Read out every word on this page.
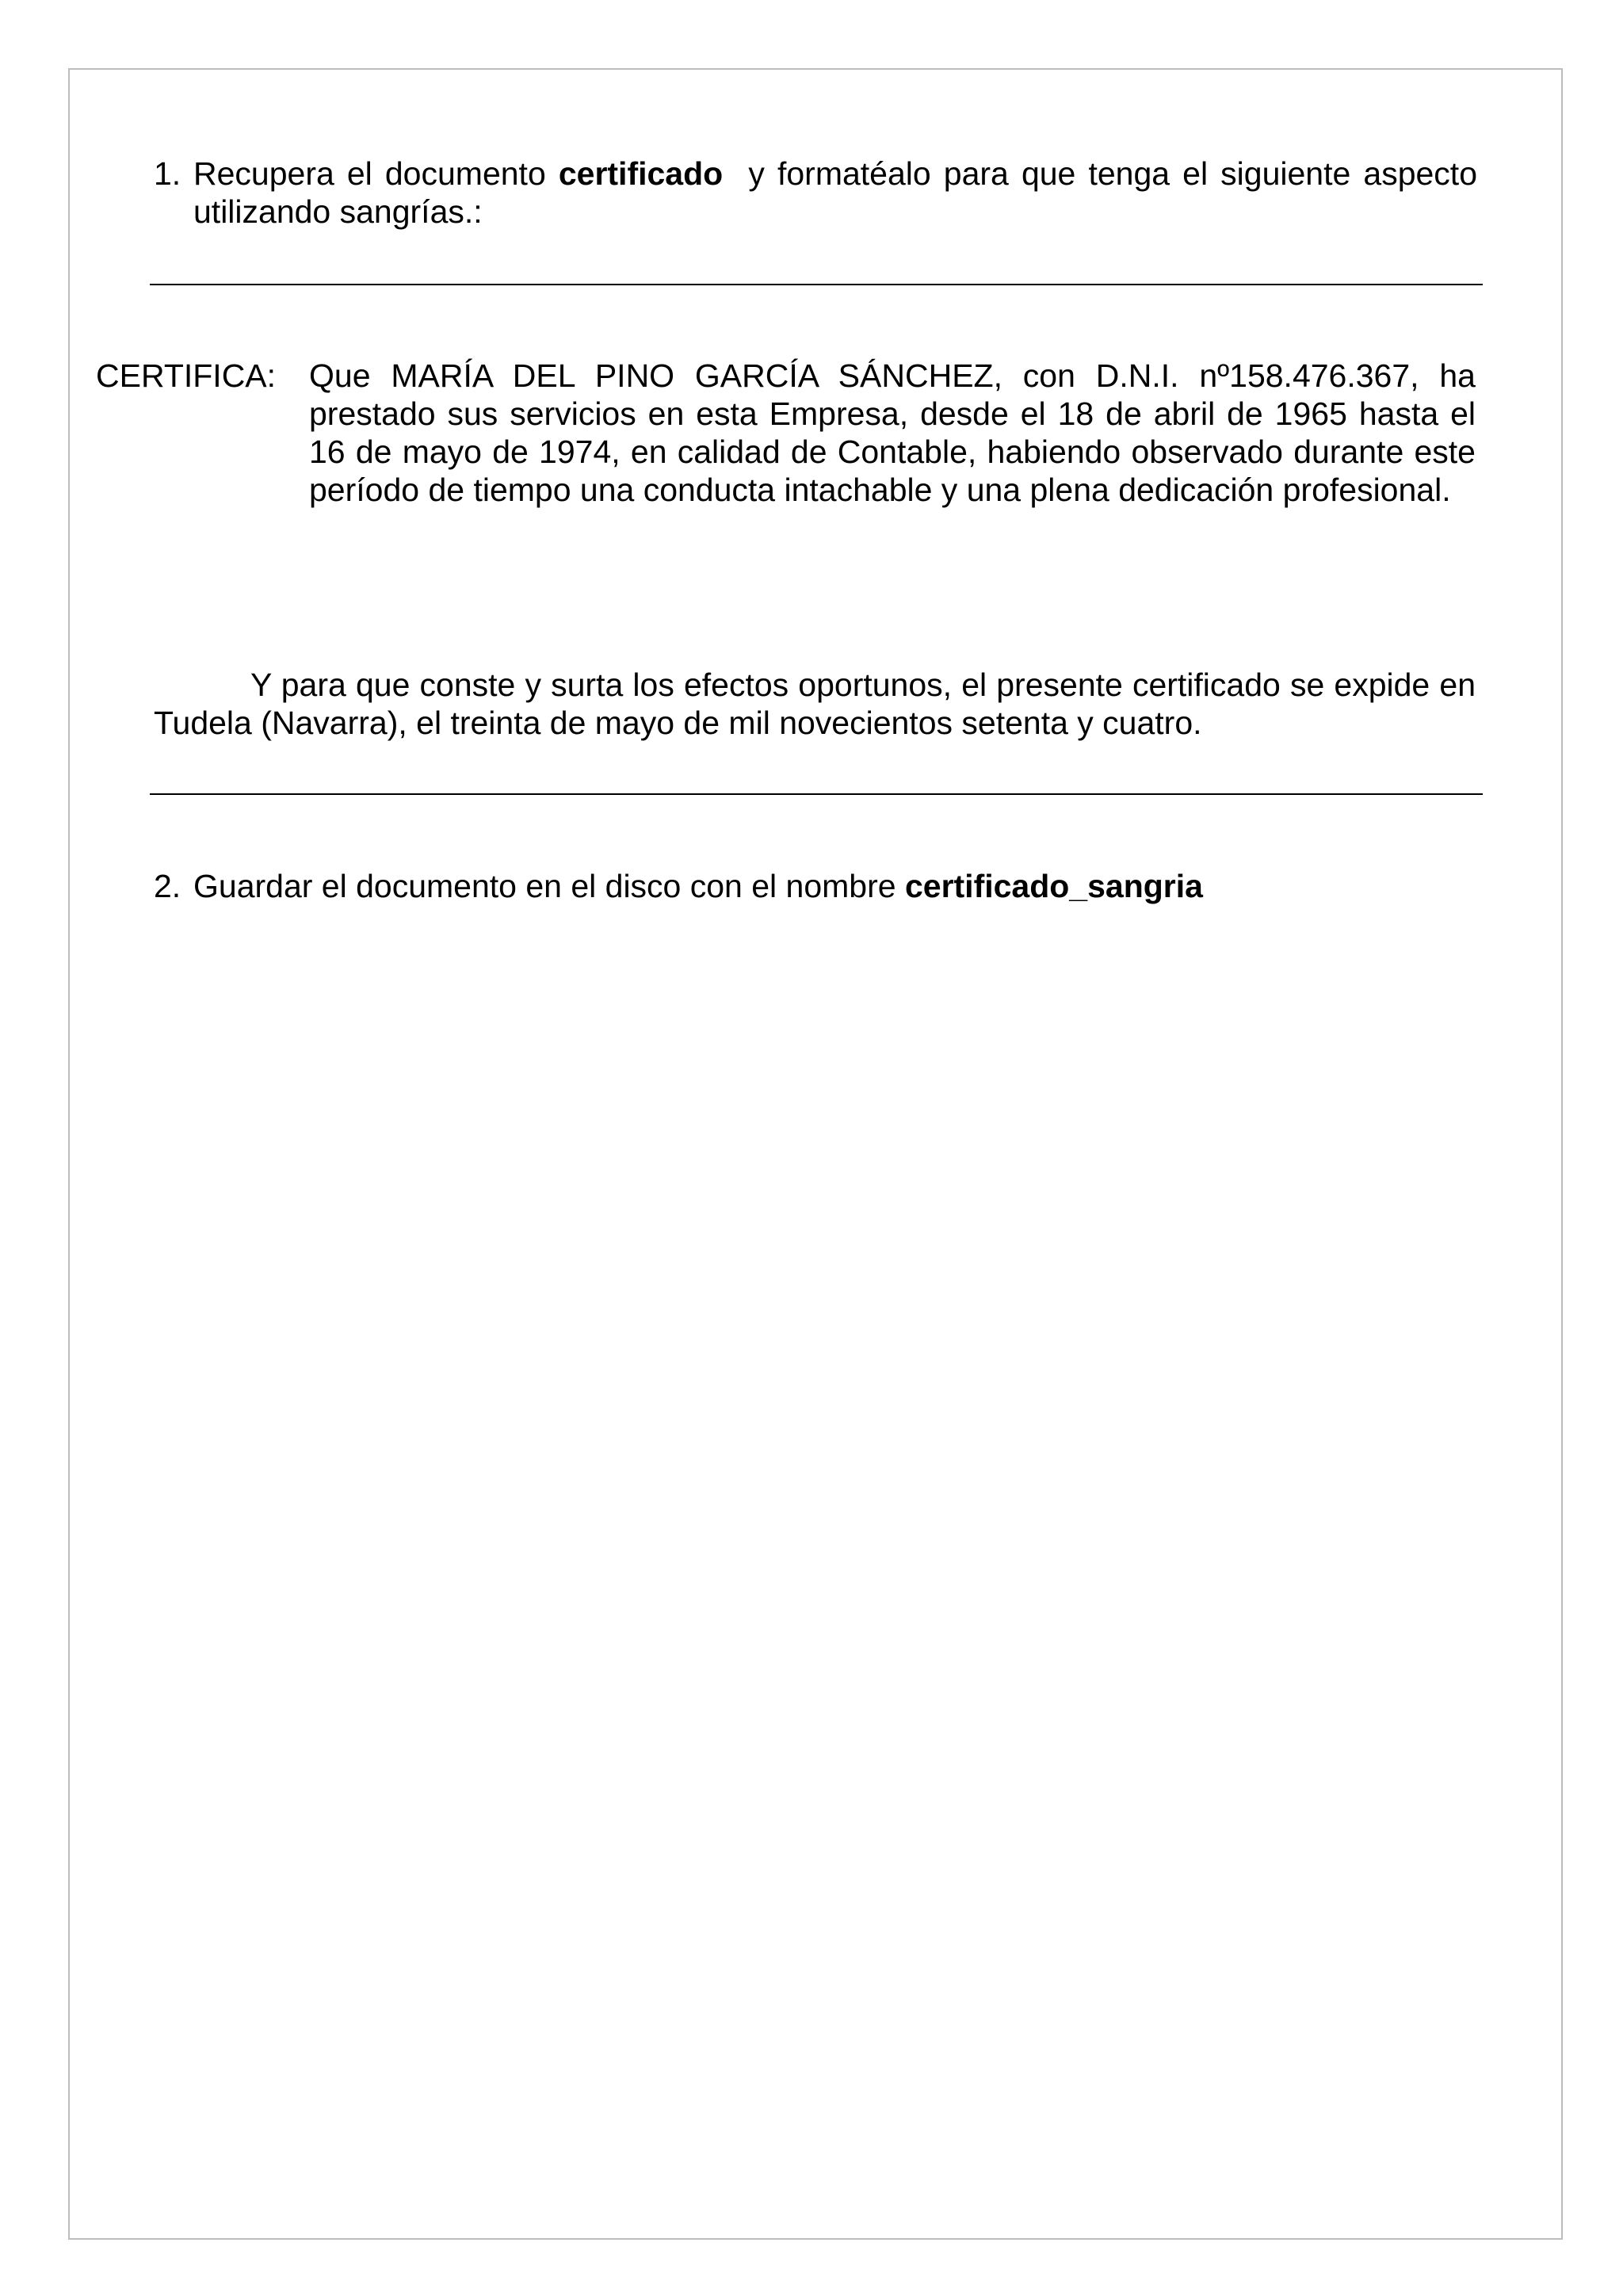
1. Recupera el documento certificado  y formatéalo para que tenga el siguiente aspecto utilizando sangrías.:
CERTIFICA: Que MARÍA DEL PINO GARCÍA SÁNCHEZ, con D.N.I. nº158.476.367, ha prestado sus servicios en esta Empresa, desde el 18 de abril de 1965 hasta el 16 de mayo de 1974, en calidad de Contable, habiendo observado durante este período de tiempo una conducta intachable y una plena dedicación profesional.
Y para que conste y surta los efectos oportunos, el presente certificado se expide en Tudela (Navarra), el treinta de mayo de mil novecientos setenta y cuatro.
2. Guardar el documento en el disco con el nombre certificado_sangria
